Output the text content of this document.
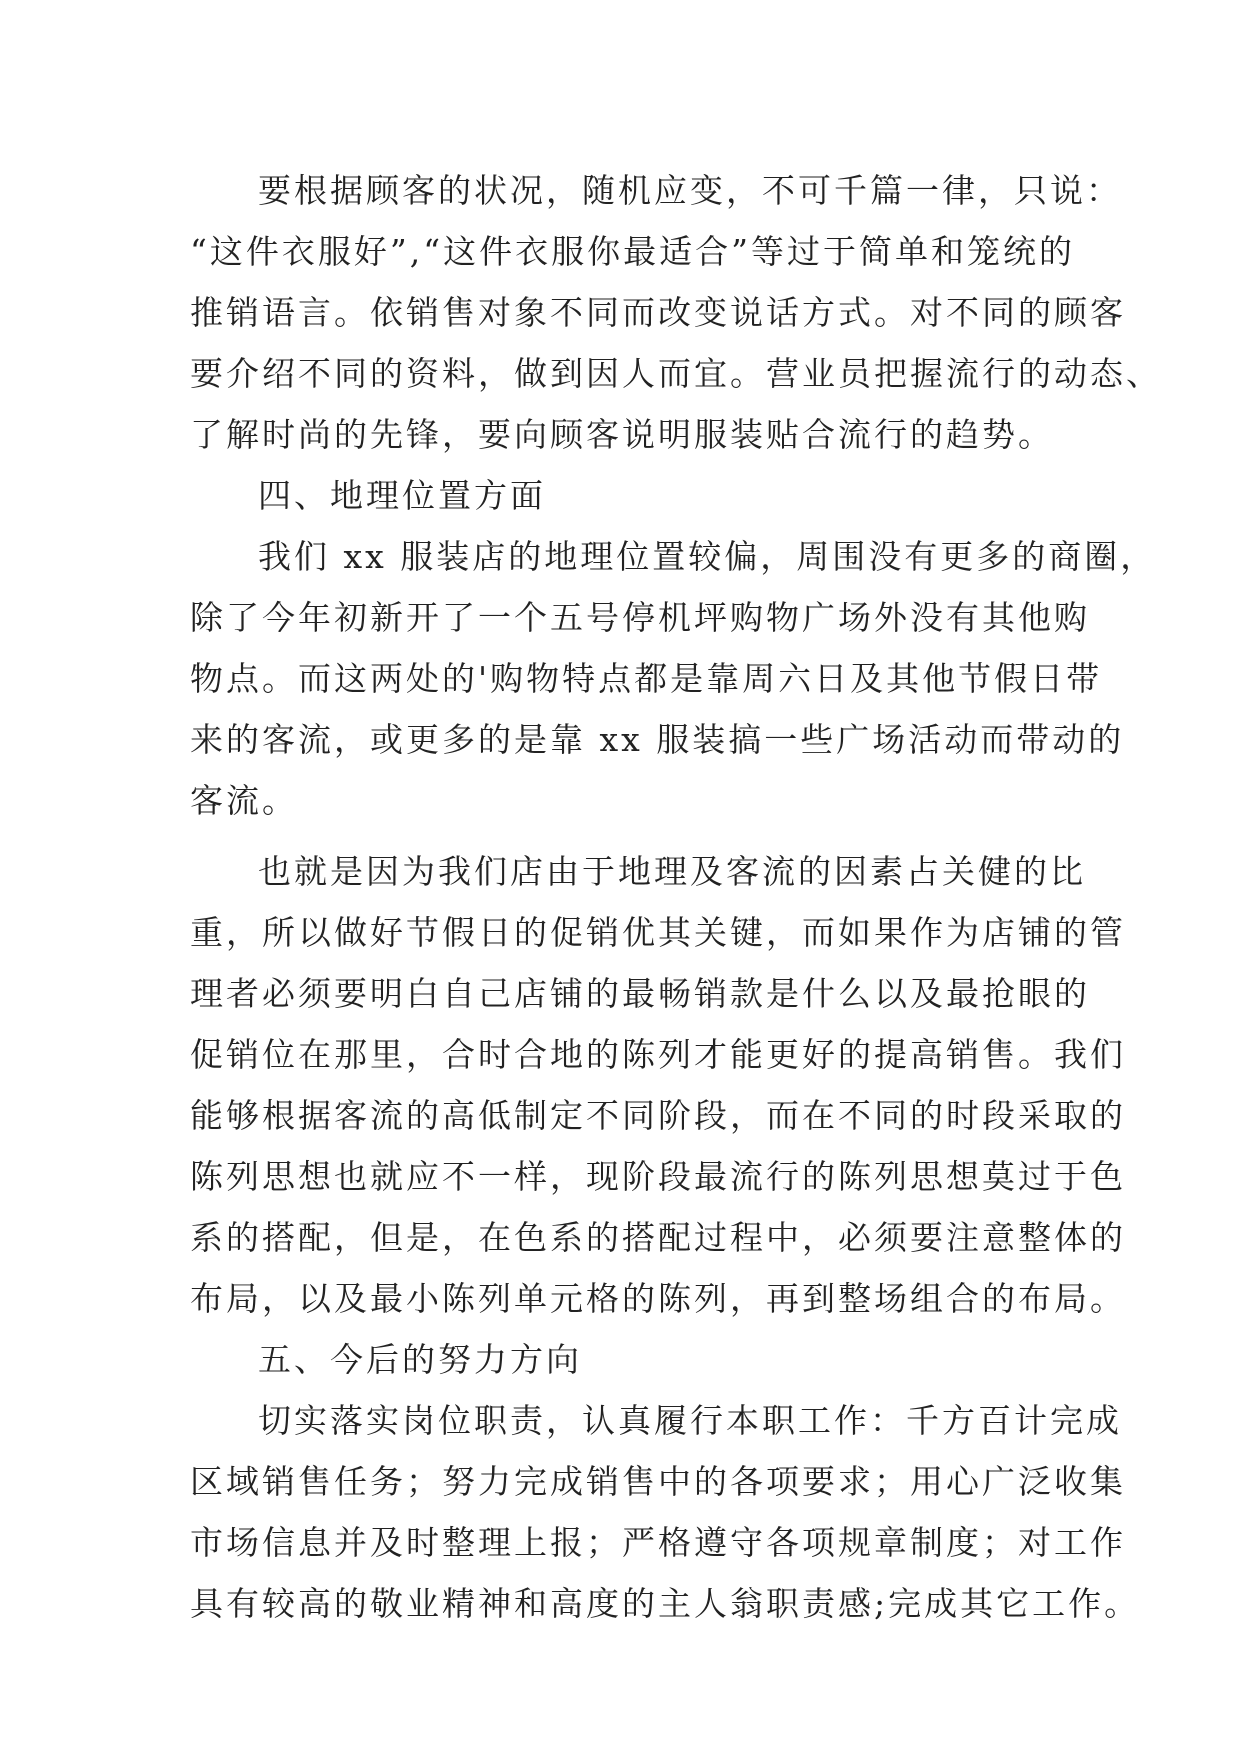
要根据顾客的状况，随机应变，不可千篇一律，只说：
“这件衣服好”,“这件衣服你最适合”等过于简单和笼统的
推销语言。依销售对象不同而改变说话方式。对不同的顾客
要介绍不同的资料，做到因人而宜。营业员把握流行的动态、
了解时尚的先锋，要向顾客说明服装贴合流行的趋势。
四、地理位置方面
我们 xx 服装店的地理位置较偏，周围没有更多的商圈，
除了今年初新开了一个五号停机坪购物广场外没有其他购
物点。而这两处的'购物特点都是靠周六日及其他节假日带
来的客流，或更多的是靠 xx 服装搞一些广场活动而带动的
客流。
也就是因为我们店由于地理及客流的因素占关健的比
重，所以做好节假日的促销优其关键，而如果作为店铺的管
理者必须要明白自己店铺的最畅销款是什么以及最抢眼的
促销位在那里，合时合地的陈列才能更好的提高销售。我们
能够根据客流的高低制定不同阶段，而在不同的时段采取的
陈列思想也就应不一样，现阶段最流行的陈列思想莫过于色
系的搭配，但是，在色系的搭配过程中，必须要注意整体的
布局，以及最小陈列单元格的陈列，再到整场组合的布局。
五、今后的努力方向
切实落实岗位职责，认真履行本职工作：千方百计完成
区域销售任务；努力完成销售中的各项要求；用心广泛收集
市场信息并及时整理上报；严格遵守各项规章制度；对工作
具有较高的敬业精神和高度的主人翁职责感;完成其它工作。
